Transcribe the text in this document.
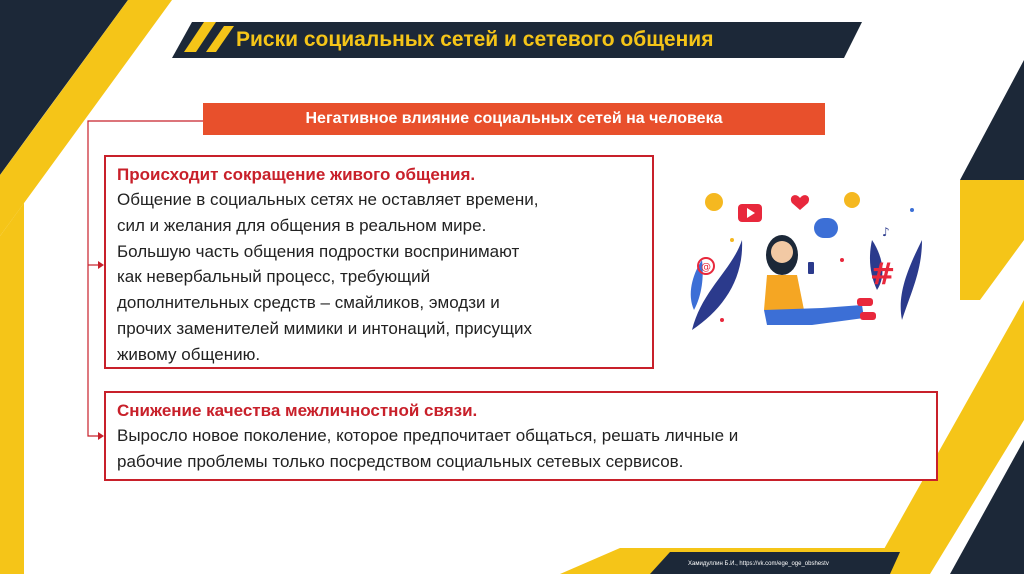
Риски социальных сетей и сетевого общения
Негативное влияние социальных сетей на человека
Происходит сокращение живого общения.
Общение в социальных сетях не оставляет времени,
сил и желания для общения в реальном мире.
Большую часть общения подростки воспринимают
как невербальный процесс, требующий
дополнительных средств – смайликов, эмодзи и
прочих заменителей мимики и интонаций, присущих
живому общению.
Снижение качества межличностной связи.
Выросло новое поколение, которое предпочитает общаться, решать личные и
рабочие проблемы только посредством социальных сетевых сервисов.
♪
#
@
Хамидуллин Б.И., https://vk.com/ege_oge_obshestv
